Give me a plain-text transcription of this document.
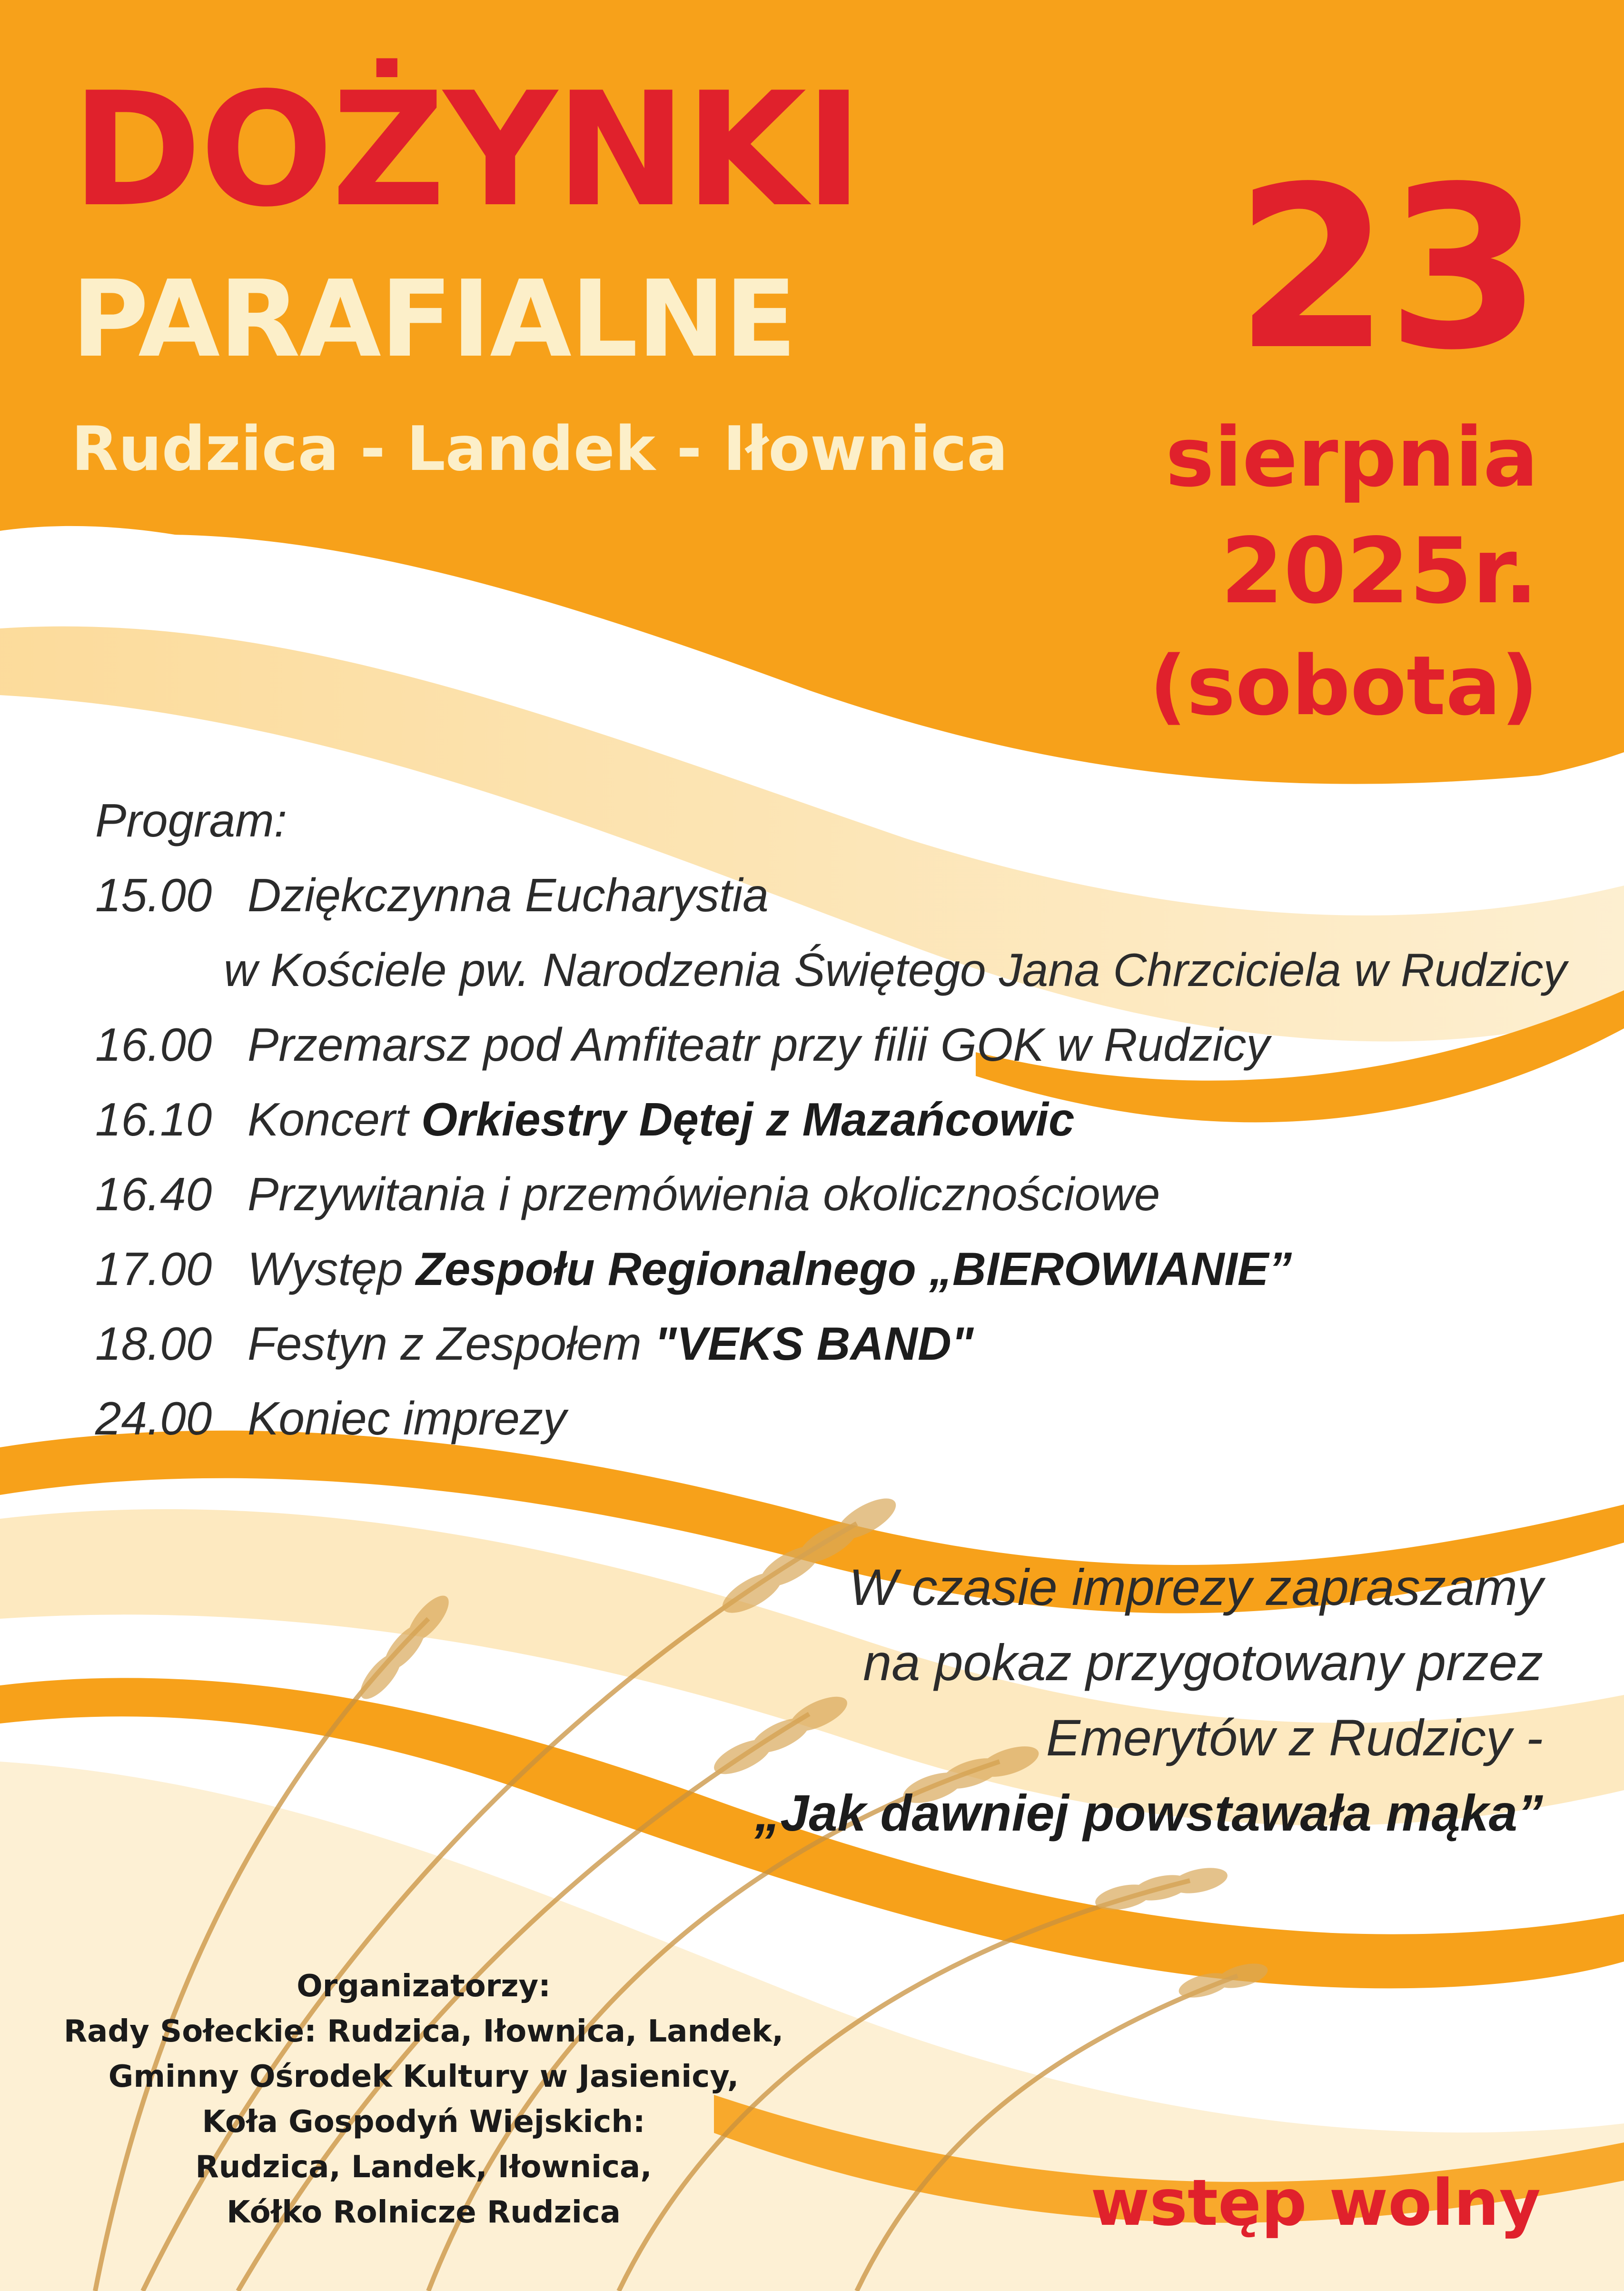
DOŻYNKI
PARAFIALNE
Rudzica - Landek - Iłownica
23
sierpnia
2025r.
(sobota)
Program:
15.00 Dziękczynna Eucharystia
w Kościele pw. Narodzenia Świętego Jana Chrzciciela w Rudzicy
16.00 Przemarsz pod Amfiteatr przy filii GOK w Rudzicy
16.10 Koncert Orkiestry Dętej z Mazańcowic
16.40 Przywitania i przemówienia okolicznościowe
17.00 Występ Zespołu Regionalnego „BIEROWIANIE”
18.00 Festyn z Zespołem "VEKS BAND"
24.00 Koniec imprezy
W czasie imprezy zapraszamy
na pokaz przygotowany przez
Emerytów z Rudzicy -
„Jak dawniej powstawała mąka”
Organizatorzy:
Rady Sołeckie: Rudzica, Iłownica, Landek,
Gminny Ośrodek Kultury w Jasienicy,
Koła Gospodyń Wiejskich:
Rudzica, Landek, Iłownica,
Kółko Rolnicze Rudzica	wstęp wolny
